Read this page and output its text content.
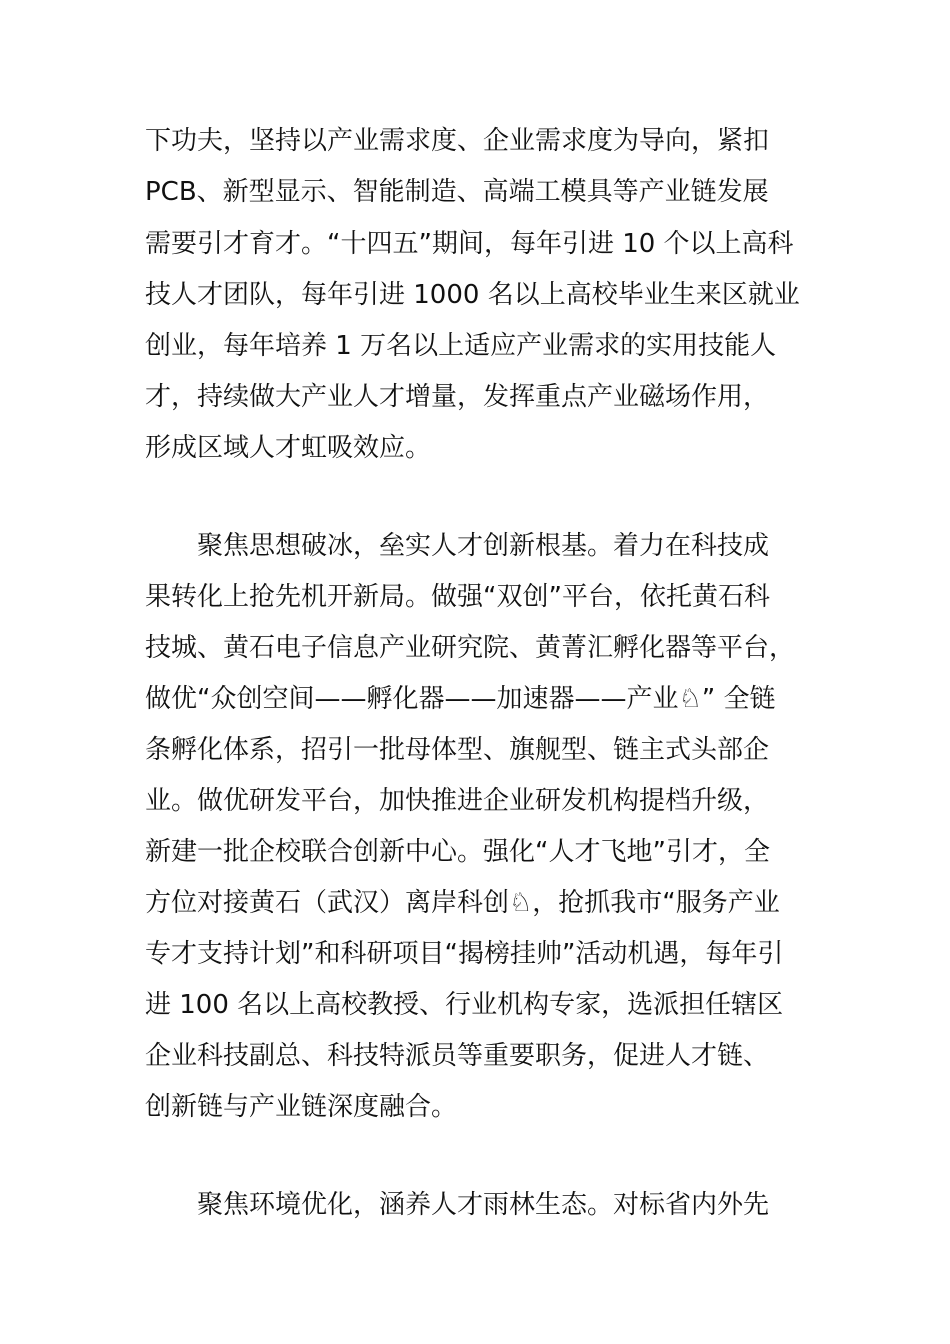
下功夫，坚持以产业需求度、企业需求度为导向，紧扣
PCB、新型显示、智能制造、高端工模具等产业链发展
需要引才育才。“十四五”期间，每年引进 10 个以上高科
技人才团队，每年引进 1000 名以上高校毕业生来区就业
创业，每年培养 1 万名以上适应产业需求的实用技能人
才，持续做大产业人才增量，发挥重点产业磁场作用，
形成区域人才虹吸效应。
　　聚焦思想破冰，垒实人才创新根基。着力在科技成
果转化上抢先机开新局。做强“双创”平台，依托黄石科
技城、黄石电子信息产业研究院、黄菁汇孵化器等平台，
做优“众创空间——孵化器——加速器——产业♘” 全链
条孵化体系，招引一批母体型、旗舰型、链主式头部企
业。做优研发平台，加快推进企业研发机构提档升级，
新建一批企校联合创新中心。强化“人才飞地”引才，全
方位对接黄石（武汉）离岸科创♘，抢抓我市“服务产业
专才支持计划”和科研项目“揭榜挂帅”活动机遇，每年引
进 100 名以上高校教授、行业机构专家，选派担任辖区
企业科技副总、科技特派员等重要职务，促进人才链、
创新链与产业链深度融合。
　　聚焦环境优化，涵养人才雨林生态。对标省内外先
